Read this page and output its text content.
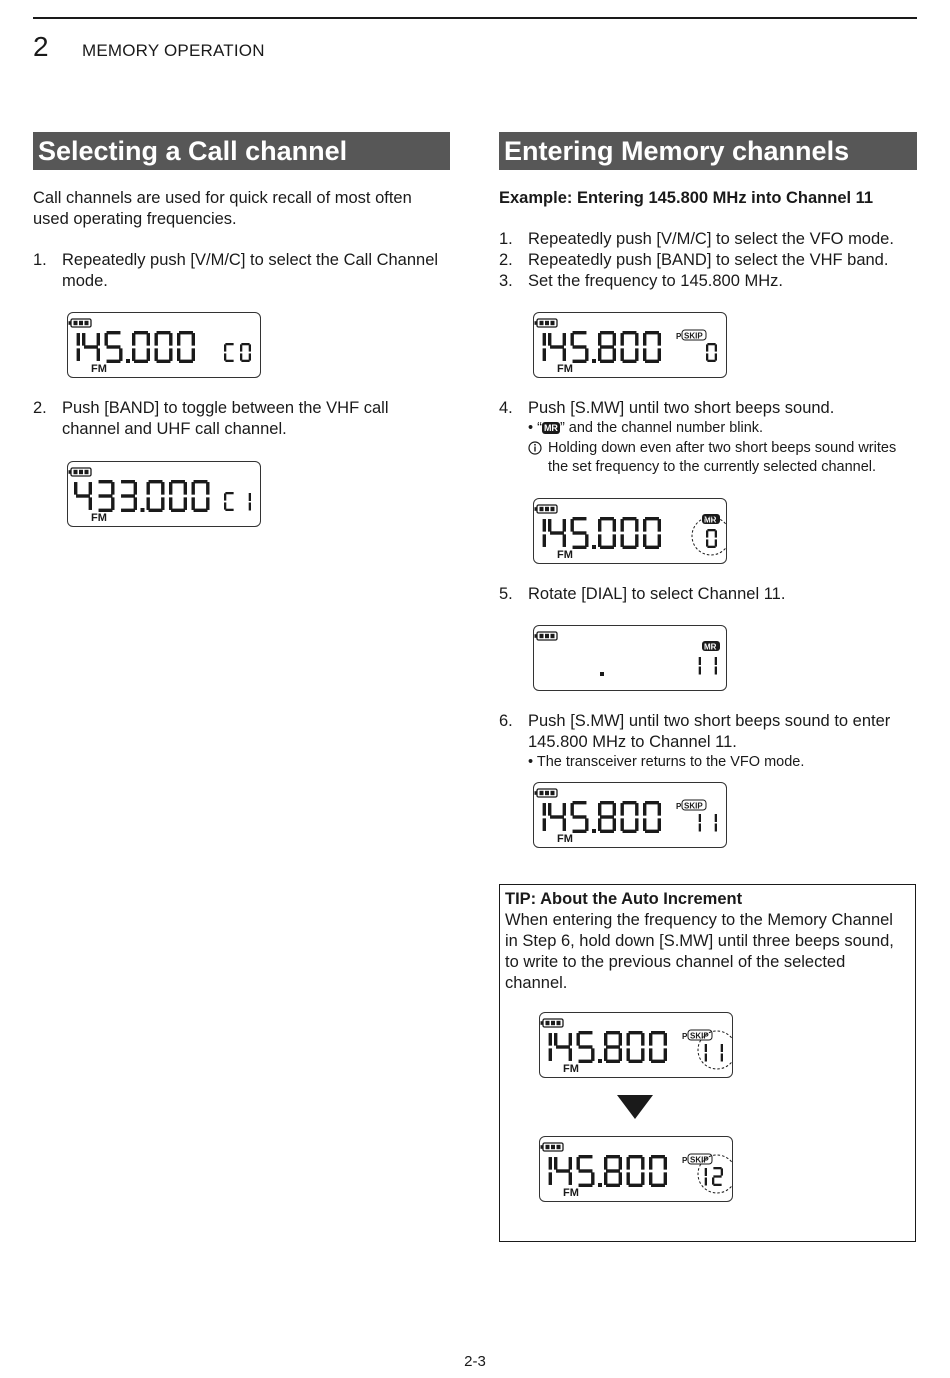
2 MEMORY OPERATION
Selecting a Call channel

Call channels are used for quick recall of most often used operating frequencies.

1. Repeatedly push [V/M/C] to select the Call Channel mode.
FM
2. Push [BAND] to toggle between the VHF call channel and UHF call channel.
FM
Entering Memory channels

Example: Entering 145.800 MHz into Channel 11

1. Repeatedly push [V/M/C] to select the VFO mode.
2. Repeatedly push [BAND] to select the VHF band.
3. Set the frequency to 145.800 MHz.
FM
P SKIP
4. Push [S.MW] until two short beeps sound.
• “ MR ” and the channel number blink.
Holding down even after two short beeps sound writes the set frequency to the currently selected channel.
FM
MR
5. Rotate [DIAL] to select Channel 11.
MR
6. Push [S.MW] until two short beeps sound to enter 145.800 MHz to Channel 11.
• The transceiver returns to the VFO mode.
FM
P SKIP
TIP: About the Auto Increment
When entering the frequency to the Memory Channel in Step 6, hold down [S.MW] until three beeps sound, to write to the previous channel of the selected channel.
FM
P SKIP
FM
P SKIP
2-3
